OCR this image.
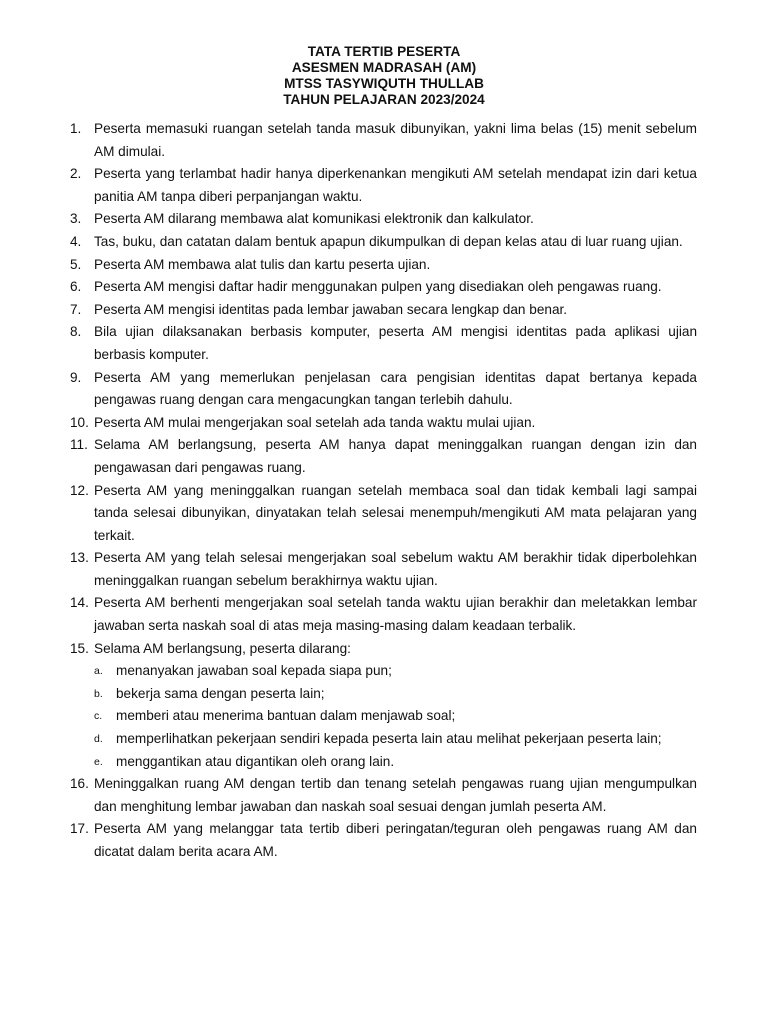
TATA TERTIB PESERTA
ASESMEN MADRASAH (AM)
MTSS TASYWIQUTH THULLAB
TAHUN PELAJARAN 2023/2024
1. Peserta memasuki ruangan setelah tanda masuk dibunyikan, yakni lima belas (15) menit sebelum AM dimulai.
2. Peserta yang terlambat hadir hanya diperkenankan mengikuti AM setelah mendapat izin dari ketua panitia AM tanpa diberi perpanjangan waktu.
3. Peserta AM dilarang membawa alat komunikasi elektronik dan kalkulator.
4. Tas, buku, dan catatan dalam bentuk apapun dikumpulkan di depan kelas atau di luar ruang ujian.
5. Peserta AM membawa alat tulis dan kartu peserta ujian.
6. Peserta AM mengisi daftar hadir menggunakan pulpen yang disediakan oleh pengawas ruang.
7. Peserta AM mengisi identitas pada lembar jawaban secara lengkap dan benar.
8. Bila ujian dilaksanakan berbasis komputer, peserta AM mengisi identitas pada aplikasi ujian berbasis komputer.
9. Peserta AM yang memerlukan penjelasan cara pengisian identitas dapat bertanya kepada pengawas ruang dengan cara mengacungkan tangan terlebih dahulu.
10. Peserta AM mulai mengerjakan soal setelah ada tanda waktu mulai ujian.
11. Selama AM berlangsung, peserta AM hanya dapat meninggalkan ruangan dengan izin dan pengawasan dari pengawas ruang.
12. Peserta AM yang meninggalkan ruangan setelah membaca soal dan tidak kembali lagi sampai tanda selesai dibunyikan, dinyatakan telah selesai menempuh/mengikuti AM mata pelajaran yang terkait.
13. Peserta AM yang telah selesai mengerjakan soal sebelum waktu AM berakhir tidak diperbolehkan meninggalkan ruangan sebelum berakhirnya waktu ujian.
14. Peserta AM berhenti mengerjakan soal setelah tanda waktu ujian berakhir dan meletakkan lembar jawaban serta naskah soal di atas meja masing-masing dalam keadaan terbalik.
15. Selama AM berlangsung, peserta dilarang:
a. menanyakan jawaban soal kepada siapa pun;
b. bekerja sama dengan peserta lain;
c.	memberi atau menerima bantuan dalam menjawab soal;
d. memperlihatkan pekerjaan sendiri kepada peserta lain atau melihat pekerjaan peserta lain;
e. menggantikan atau digantikan oleh orang lain.
16. Meninggalkan ruang AM dengan tertib dan tenang setelah pengawas ruang ujian mengumpulkan dan menghitung lembar jawaban dan naskah soal sesuai dengan jumlah peserta AM.
17. Peserta AM yang melanggar tata tertib diberi peringatan/teguran oleh pengawas ruang AM dan dicatat dalam berita acara AM.
